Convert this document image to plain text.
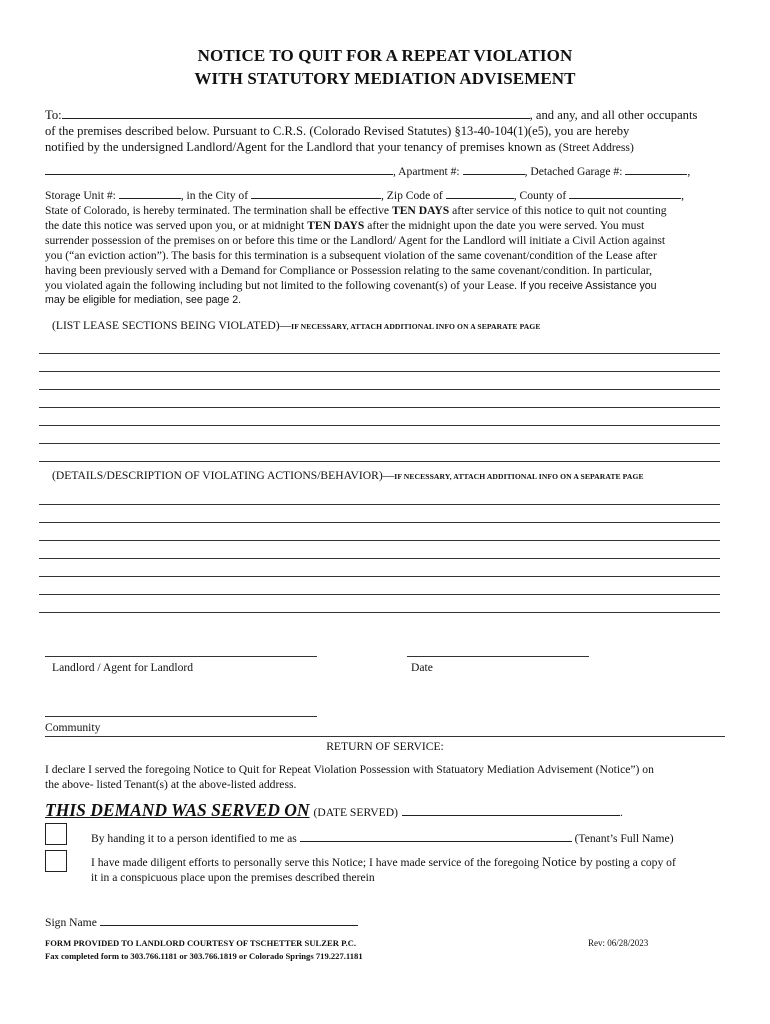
NOTICE TO QUIT FOR A REPEAT VIOLATION
WITH STATUTORY MEDIATION ADVISEMENT
To:	, and any, and all other occupants
of the premises described below. Pursuant to C.R.S. (Colorado Revised Statutes) §13-40-104(1)(e5), you are hereby
notified by the undersigned Landlord/Agent for the Landlord that your tenancy of premises known as (Street Address)
, Apartment #:	, Detached Garage #:	,
Storage Unit #:	, in the City of	, Zip Code of	, County of	,
State of Colorado, is hereby terminated. The termination shall be effective TEN DAYS after service of this notice to quit not counting
the date this notice was served upon you, or at midnight TEN DAYS after the midnight upon the date you were served. You must
surrender possession of the premises on or before this time or the Landlord/ Agent for the Landlord will initiate a Civil Action against
you (“an eviction action”). The basis for this termination is a subsequent violation of the same covenant/condition of the Lease after
having been previously served with a Demand for Compliance or Possession relating to the same covenant/condition. In particular,
you violated again the following including but not limited to the following covenant(s) of your Lease. If you receive Assistance you
may be eligible for mediation, see page 2.
(LIST LEASE SECTIONS BEING VIOLATED)—IF NECESSARY, ATTACH ADDITIONAL INFO ON A SEPARATE PAGE
(DETAILS/DESCRIPTION OF VIOLATING ACTIONS/BEHAVIOR)—IF NECESSARY, ATTACH ADDITIONAL INFO ON A SEPARATE PAGE
Landlord / Agent for Landlord	Date
Community
RETURN OF SERVICE:
I declare I served the foregoing Notice to Quit for Repeat Violation Possession with Statuatory Mediation Advisement (Notice”) on
the above- listed Tenant(s) at the above-listed address.
THIS DEMAND WAS SERVED ON (DATE SERVED)	.
By handing it to a person identified to me as	(Tenant’s Full Name)
I have made diligent efforts to personally serve this Notice; I have made service of the foregoing Notice by posting a copy of
it in a conspicuous place upon the premises described therein
Sign Name
FORM PROVIDED TO LANDLORD COURTESY OF TSCHETTER SULZER P.C.
Fax completed form to 303.766.1181 or 303.766.1819 or Colorado Springs 719.227.1181
Rev: 06/28/2023
